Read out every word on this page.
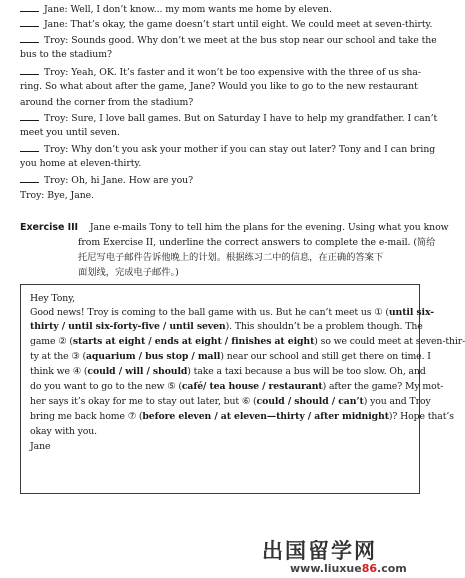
Jane: Well, I don’t know... my mom wants me home by eleven.
Jane: That’s okay, the game doesn’t start until eight. We could meet at seven-thirty.
Troy: Sounds good. Why don’t we meet at the bus stop near our school and take the
bus to the stadium?
Troy: Yeah, OK. It’s faster and it won’t be too expensive with the three of us sha-
ring. So what about after the game, Jane? Would you like to go to the new restaurant
around the corner from the stadium?
Troy: Sure, I love ball games. But on Saturday I have to help my grandfather. I can’t
meet you until seven.
Troy: Why don’t you ask your mother if you can stay out later? Tony and I can bring
you home at eleven-thirty.
Troy: Oh, hi Jane. How are you?
Troy: Bye, Jane.
Exercise III Jane e-mails Tony to tell him the plans for the evening. Using what you know
from Exercise II, underline the correct answers to complete the e-mail. (简给
托尼写电子邮件告诉他晚上的计划。根据练习二中的信息，在正确的答案下
面划线，完成电子邮件。)
Hey Tony,
Good news! Troy is coming to the ball game with us. But he can’t meet us ① (until six-
thirty / until six-forty-five / until seven). This shouldn’t be a problem though. The
game ② (starts at eight / ends at eight / finishes at eight) so we could meet at seven-thir-
ty at the ③ (aquarium / bus stop / mall) near our school and still get there on time. I
think we ④ (could / will / should) take a taxi because a bus will be too slow. Oh, and
do you want to go to the new ⑤ (café/ tea house / restaurant) after the game? My mot-
her says it’s okay for me to stay out later, but ⑥ (could / should / can’t) you and Troy
bring me back home ⑦ (before eleven / at eleven—thirty / after midnight)? Hope that’s
okay with you.
Jane
出国留学网
www.liuxue86.com
